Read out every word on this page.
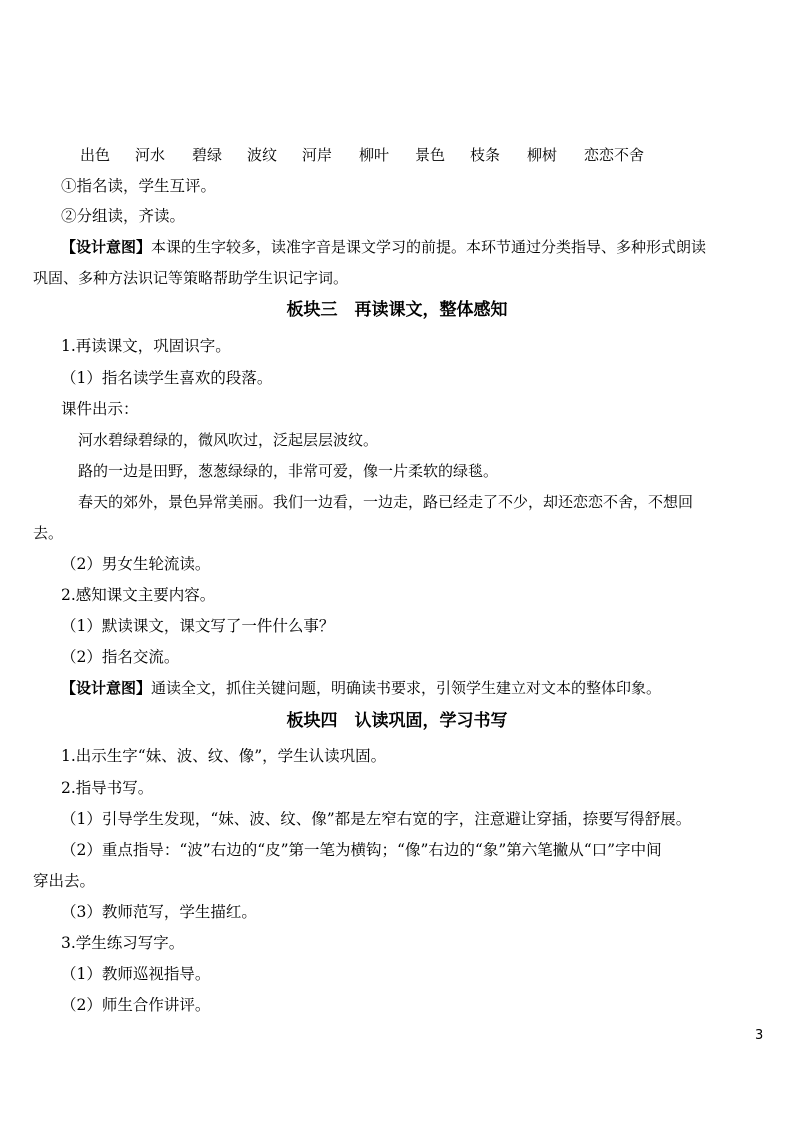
出色 河水 碧绿 波纹 河岸 柳叶 景色 枝条 柳树 恋恋不舍
①指名读，学生互评。
②分组读，齐读。
【设计意图】本课的生字较多，读准字音是课文学习的前提。本环节通过分类指导、多种形式朗读
巩固、多种方法识记等策略帮助学生识记字词。
板块三　再读课文，整体感知
1.再读课文，巩固识字。
（1）指名读学生喜欢的段落。
课件出示：
河水碧绿碧绿的，微风吹过，泛起层层波纹。
路的一边是田野，葱葱绿绿的，非常可爱，像一片柔软的绿毯。
春天的郊外，景色异常美丽。我们一边看，一边走，路已经走了不少，却还恋恋不舍，不想回
去。
（2）男女生轮流读。
2.感知课文主要内容。
（1）默读课文，课文写了一件什么事？
（2）指名交流。
【设计意图】通读全文，抓住关键问题，明确读书要求，引领学生建立对文本的整体印象。
板块四　认读巩固，学习书写
1.出示生字“妹、波、纹、像”，学生认读巩固。
2.指导书写。
（1）引导学生发现，“妹、波、纹、像”都是左窄右宽的字，注意避让穿插，捺要写得舒展。
（2）重点指导：“波”右边的“皮”第一笔为横钩；“像”右边的“象”第六笔撇从“口”字中间
穿出去。
（3）教师范写，学生描红。
3.学生练习写字。
（1）教师巡视指导。
（2）师生合作讲评。
3
